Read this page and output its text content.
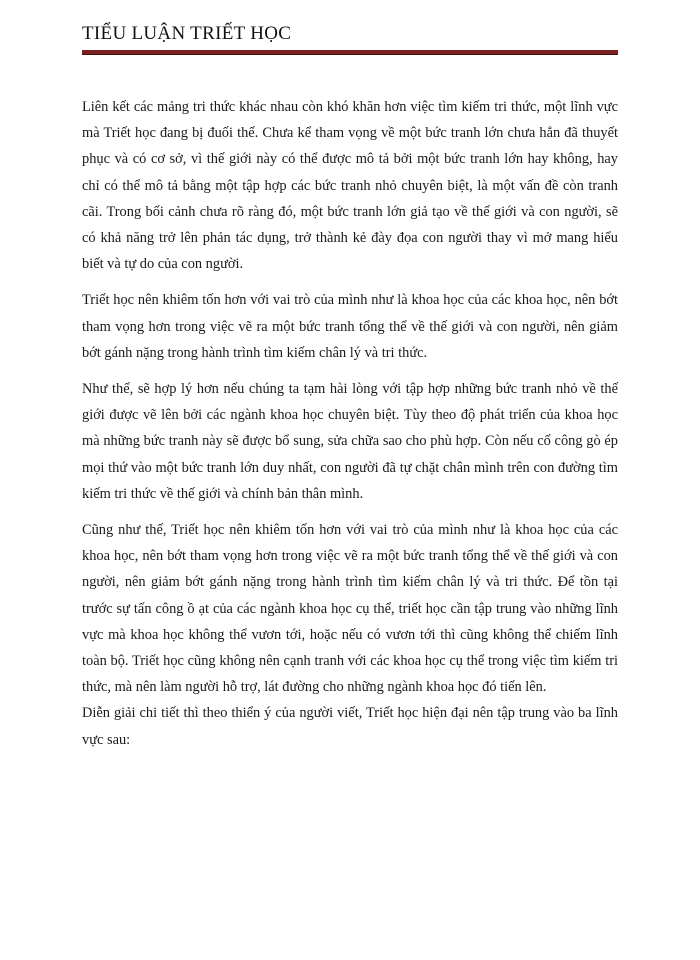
TIỂU LUẬN TRIẾT HỌC

Liên kết các mảng tri thức khác nhau còn khó khăn hơn việc tìm kiếm tri thức, một lĩnh vực mà Triết học đang bị đuối thế. Chưa kể tham vọng về một bức tranh lớn chưa hẳn đã thuyết phục và có cơ sở, vì thế giới này có thể được mô tả bởi một bức tranh lớn hay không, hay chỉ có thể mô tả bằng một tập hợp các bức tranh nhỏ chuyên biệt, là một vấn đề còn tranh cãi. Trong bối cảnh chưa rõ ràng đó, một bức tranh lớn giả tạo về thế giới và con người, sẽ có khả năng trở lên phản tác dụng, trở thành kẻ đày đọa con người thay vì mở mang hiểu biết và tự do của con người.

Triết học nên khiêm tốn hơn với vai trò của mình như là khoa học của các khoa học, nên bớt tham vọng hơn trong việc vẽ ra một bức tranh tổng thể về thế giới và con người, nên giảm bớt gánh nặng trong hành trình tìm kiếm chân lý và tri thức.

Như thế, sẽ hợp lý hơn nếu chúng ta tạm hài lòng với tập hợp những bức tranh nhỏ về thế giới được vẽ lên bởi các ngành khoa học chuyên biệt. Tùy theo độ phát triển của khoa học mà những bức tranh này sẽ được bổ sung, sửa chữa sao cho phù hợp. Còn nếu cố công gò ép mọi thứ vào một bức tranh lớn duy nhất, con người đã tự chặt chân mình trên con đường tìm kiếm tri thức về thế giới và chính bản thân mình.

Cũng như thế, Triết học nên khiêm tốn hơn với vai trò của mình như là khoa học của các khoa học, nên bớt tham vọng hơn trong việc vẽ ra một bức tranh tổng thể về thế giới và con người, nên giảm bớt gánh nặng trong hành trình tìm kiếm chân lý và tri thức. Để tồn tại trước sự tấn công ồ ạt của các ngành khoa học cụ thể, triết học cần tập trung vào những lĩnh vực mà khoa học không thể vươn tới, hoặc nếu có vươn tới thì cũng không thể chiếm lĩnh toàn bộ. Triết học cũng không nên cạnh tranh với các khoa học cụ thể trong việc tìm kiếm tri thức, mà nên làm người hỗ trợ, lát đường cho những ngành khoa học đó tiến lên.

Diễn giải chi tiết thì theo thiển ý của người viết, Triết học hiện đại nên tập trung vào ba lĩnh vực sau:
